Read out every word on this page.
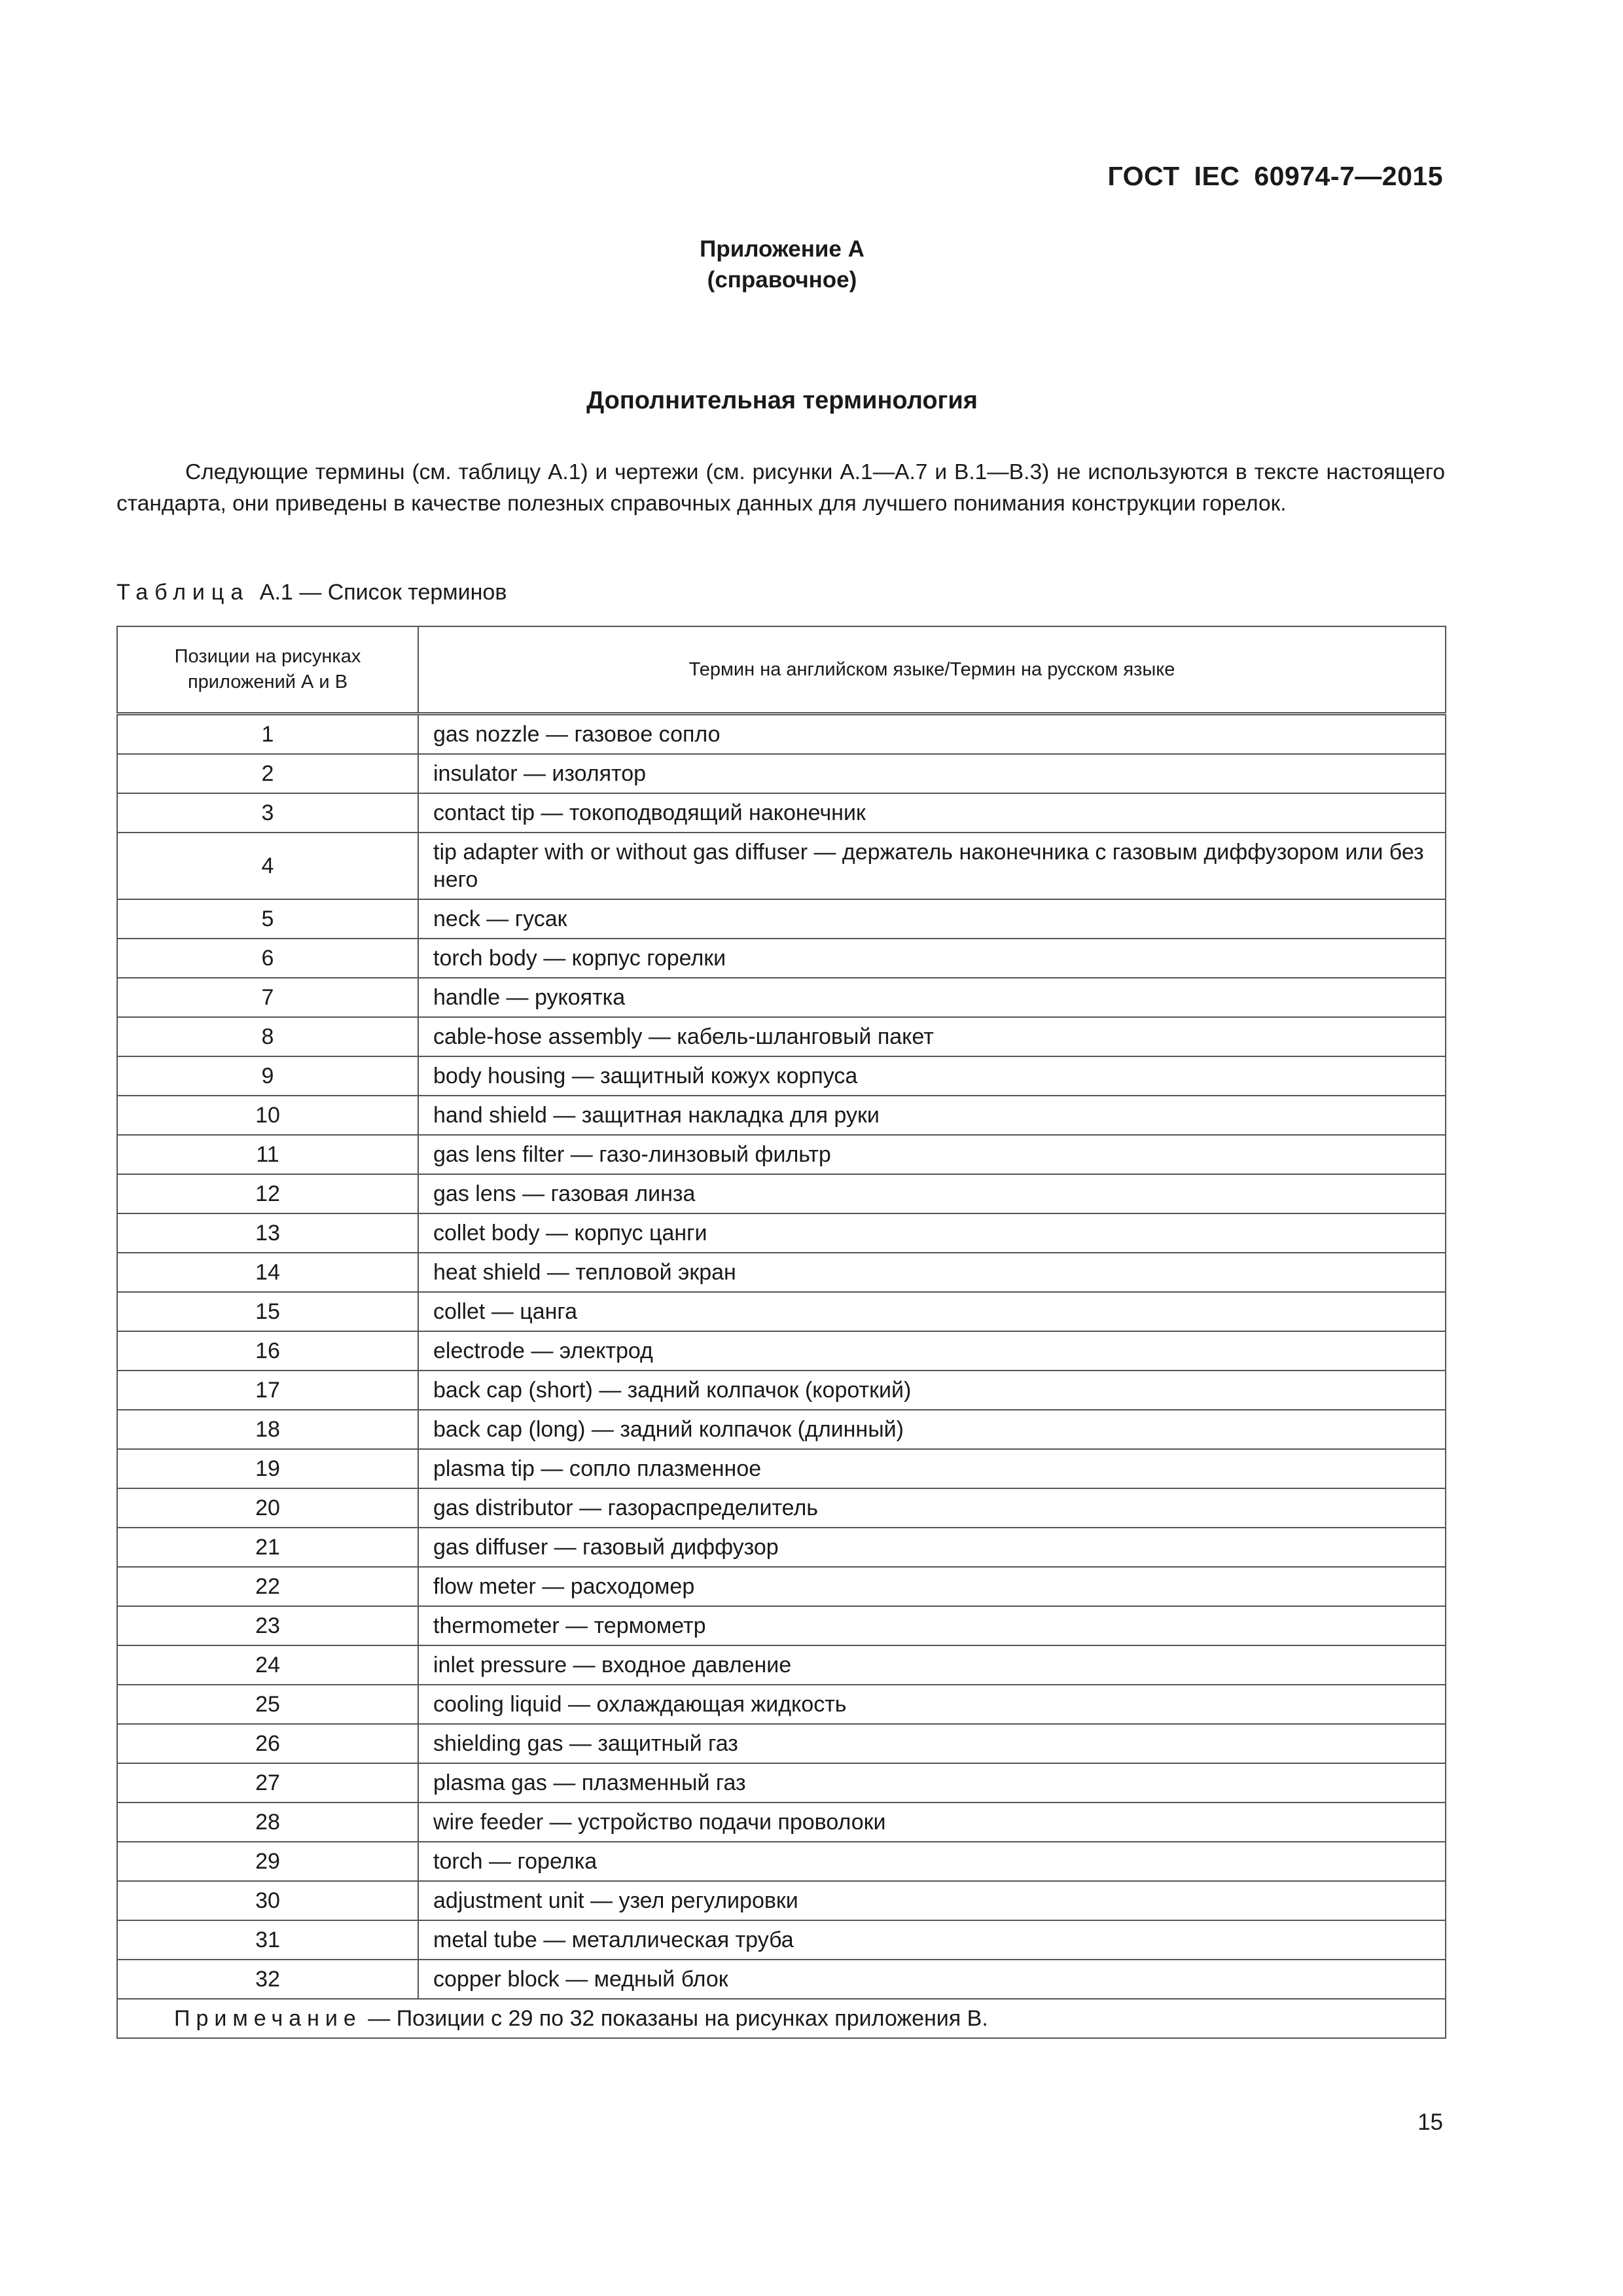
ГОСТ IEC 60974-7—2015
Приложение А
(справочное)
Дополнительная терминология

Следующие термины (см. таблицу А.1) и чертежи (см. рисунки А.1—А.7 и В.1—В.3) не используются в тексте настоящего стандарта, они приведены в качестве полезных справочных данных для лучшего понимания конструкции горелок.

Таблица А.1 — Список терминов
Позиции на рисунках приложений А и В	Термин на английском языке/Термин на русском языке
1	gas nozzle — газовое сопло
2	insulator — изолятор
3	contact tip — токоподводящий наконечник
4	tip adapter with or without gas diffuser — держатель наконечника с газовым диффузором или без него
5	neck — гусак
6	torch body — корпус горелки
7	handle — рукоятка
8	cable-hose assembly — кабель-шланговый пакет
9	body housing — защитный кожух корпуса
10	hand shield — защитная накладка для руки
11	gas lens filter — газо-линзовый фильтр
12	gas lens — газовая линза
13	collet body — корпус цанги
14	heat shield — тепловой экран
15	collet — цанга
16	electrode — электрод
17	back cap (short) — задний колпачок (короткий)
18	back cap (long) — задний колпачок (длинный)
19	plasma tip — сопло плазменное
20	gas distributor — газораспределитель
21	gas diffuser — газовый диффузор
22	flow meter — расходомер
23	thermometer — термометр
24	inlet pressure — входное давление
25	cooling liquid — охлаждающая жидкость
26	shielding gas — защитный газ
27	plasma gas — плазменный газ
28	wire feeder — устройство подачи проволоки
29	torch — горелка
30	adjustment unit — узел регулировки
31	metal tube — металлическая труба
32	copper block — медный блок
Примечание — Позиции с 29 по 32 показаны на рисунках приложения В.	
15
